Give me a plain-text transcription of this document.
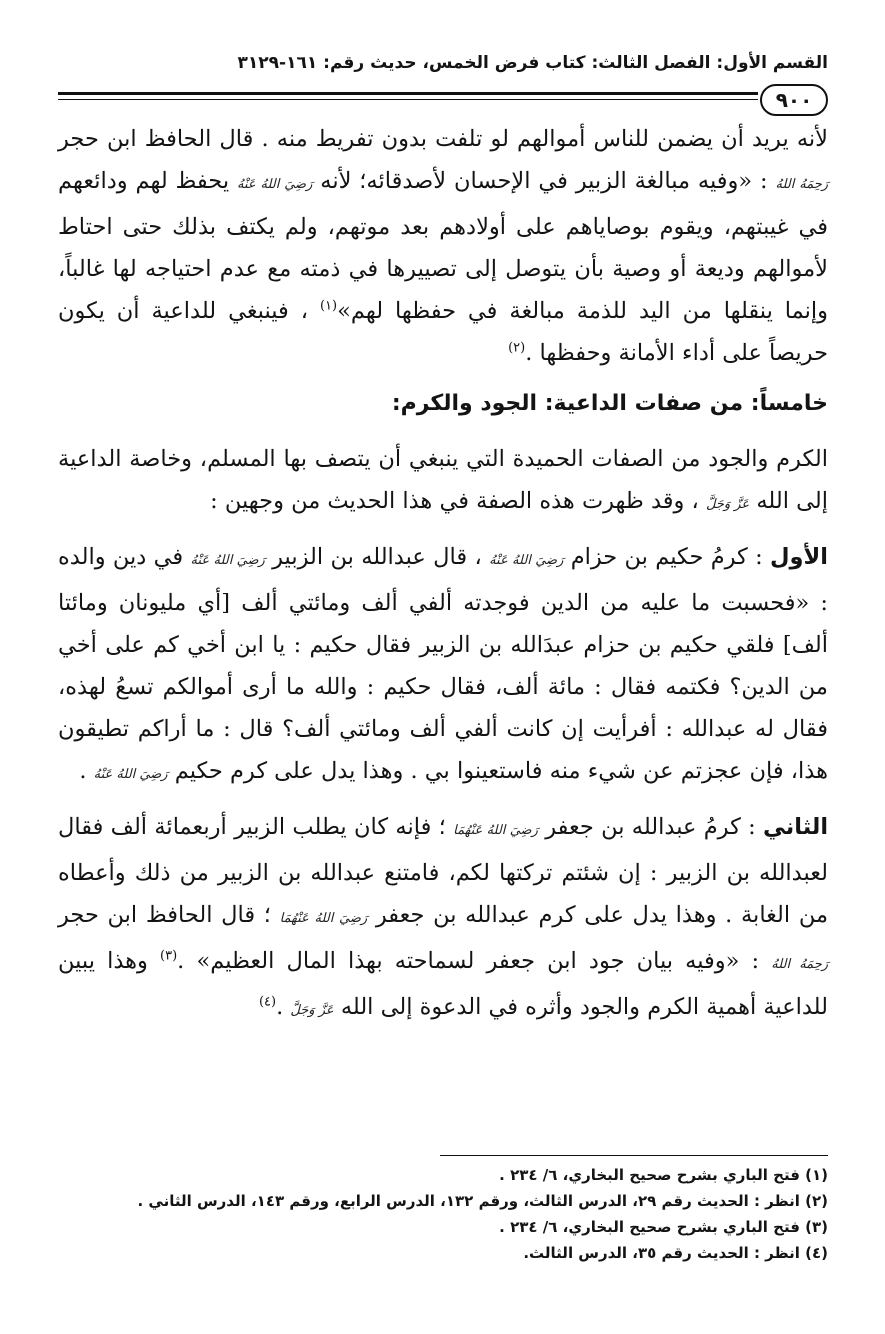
القسم الأول: الفصل الثالث: كتاب فرض الخمس، حديث رقم: ١٦١-٣١٢٩
٩٠٠

لأنه يريد أن يضمن للناس أموالهم لو تلفت بدون تفريط منه . قال الحافظ ابن حجر رَحِمَهُ اللهُ : «وفيه مبالغة الزبير في الإحسان لأصدقائه؛ لأنه رَضِيَ اللهُ عَنْهُ يحفظ لهم ودائعهم في غيبتهم، ويقوم بوصاياهم على أولادهم بعد موتهم، ولم يكتف بذلك حتى احتاط لأموالهم وديعة أو وصية بأن يتوصل إلى تصييرها في ذمته مع عدم احتياجه لها غالباً، وإنما ينقلها من اليد للذمة مبالغة في حفظها لهم»$^{(١)}$ ، فينبغي للداعية أن يكون حريصاً على أداء الأمانة وحفظها .$^{(٢)}$

خامساً: من صفات الداعية: الجود والكرم:

الكرم والجود من الصفات الحميدة التي ينبغي أن يتصف بها المسلم، وخاصة الداعية إلى الله عَزَّ وَجَلَّ ، وقد ظهرت هذه الصفة في هذا الحديث من وجهين :

الأول : كرمُ حكيم بن حزام رَضِيَ اللهُ عَنْهُ ، قال عبدالله بن الزبير رَضِيَ اللهُ عَنْهُ في دين والده : «فحسبت ما عليه من الدين فوجدته ألفي ألف ومائتي ألف [أي مليونان ومائتا ألف] فلقي حكيم بن حزام عبدَالله بن الزبير فقال حكيم : يا ابن أخي كم على أخي من الدين؟ فكتمه فقال : مائة ألف، فقال حكيم : والله ما أرى أموالكم تسعُ لهذه، فقال له عبدالله : أفرأيت إن كانت ألفي ألف ومائتي ألف؟ قال : ما أراكم تطيقون هذا، فإن عجزتم عن شيء منه فاستعينوا بي . وهذا يدل على كرم حكيم رَضِيَ اللهُ عَنْهُ .

الثاني : كرمُ عبدالله بن جعفر رَضِيَ اللهُ عَنْهُمَا ؛ فإنه كان يطلب الزبير أربعمائة ألف فقال لعبدالله بن الزبير : إن شئتم تركتها لكم، فامتنع عبدالله بن الزبير من ذلك وأعطاه من الغابة . وهذا يدل على كرم عبدالله بن جعفر رَضِيَ اللهُ عَنْهُمَا ؛ قال الحافظ ابن حجر رَحِمَهُ اللهُ : «وفيه بيان جود ابن جعفر لسماحته بهذا المال العظيم» .$^{(٣)}$ وهذا يبين للداعية أهمية الكرم والجود وأثره في الدعوة إلى الله عَزَّ وَجَلَّ .$^{(٤)}$

(١) فتح الباري بشرح صحيح البخاري، ٦/ ٢٣٤ .
(٢) انظر : الحديث رقم ٢٩، الدرس الثالث، ورقم ١٣٢، الدرس الرابع، ورقم ١٤٣، الدرس الثاني .
(٣) فتح الباري بشرح صحيح البخاري، ٦/ ٢٣٤ .
(٤) انظر : الحديث رقم ٣٥، الدرس الثالث.
